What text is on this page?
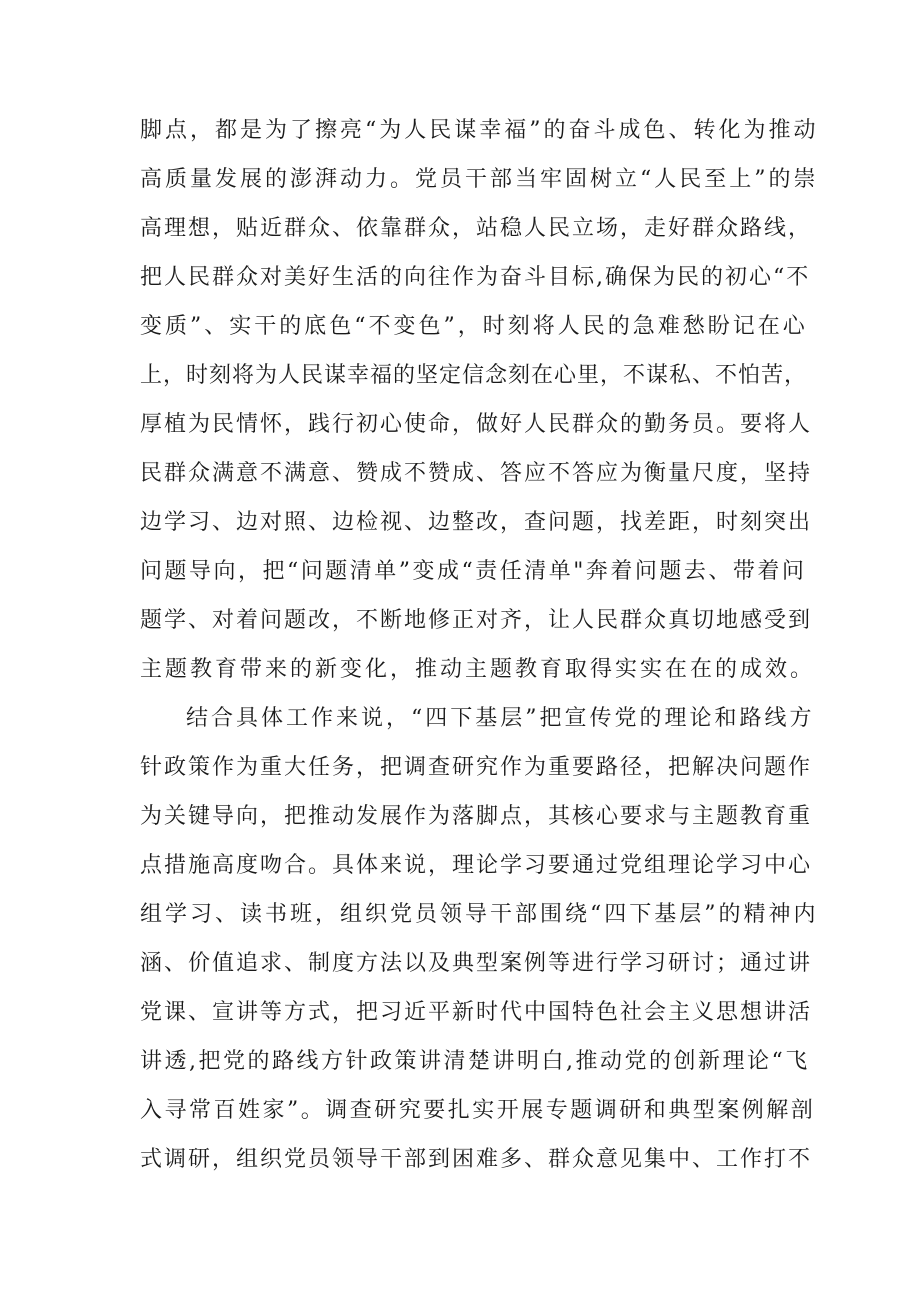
脚点，都是为了擦亮“为人民谋幸福”的奋斗成色、转化为推动
高质量发展的澎湃动力。党员干部当牢固树立“人民至上”的崇
高理想，贴近群众、依靠群众，站稳人民立场，走好群众路线，
把人民群众对美好生活的向往作为奋斗目标,确保为民的初心“不
变质”、实干的底色“不变色”，时刻将人民的急难愁盼记在心
上，时刻将为人民谋幸福的坚定信念刻在心里，不谋私、不怕苦，
厚植为民情怀，践行初心使命，做好人民群众的勤务员。要将人
民群众满意不满意、赞成不赞成、答应不答应为衡量尺度，坚持
边学习、边对照、边检视、边整改，查问题，找差距，时刻突出
问题导向，把“问题清单”变成“责任清单"奔着问题去、带着问
题学、对着问题改，不断地修正对齐，让人民群众真切地感受到
主题教育带来的新变化，推动主题教育取得实实在在的成效。
结合具体工作来说，“四下基层”把宣传党的理论和路线方
针政策作为重大任务，把调查研究作为重要路径，把解决问题作
为关键导向，把推动发展作为落脚点，其核心要求与主题教育重
点措施高度吻合。具体来说，理论学习要通过党组理论学习中心
组学习、读书班，组织党员领导干部围绕“四下基层”的精神内
涵、价值追求、制度方法以及典型案例等进行学习研讨；通过讲
党课、宣讲等方式，把习近平新时代中国特色社会主义思想讲活
讲透,把党的路线方针政策讲清楚讲明白,推动党的创新理论“飞
入寻常百姓家”。调查研究要扎实开展专题调研和典型案例解剖
式调研，组织党员领导干部到困难多、群众意见集中、工作打不
